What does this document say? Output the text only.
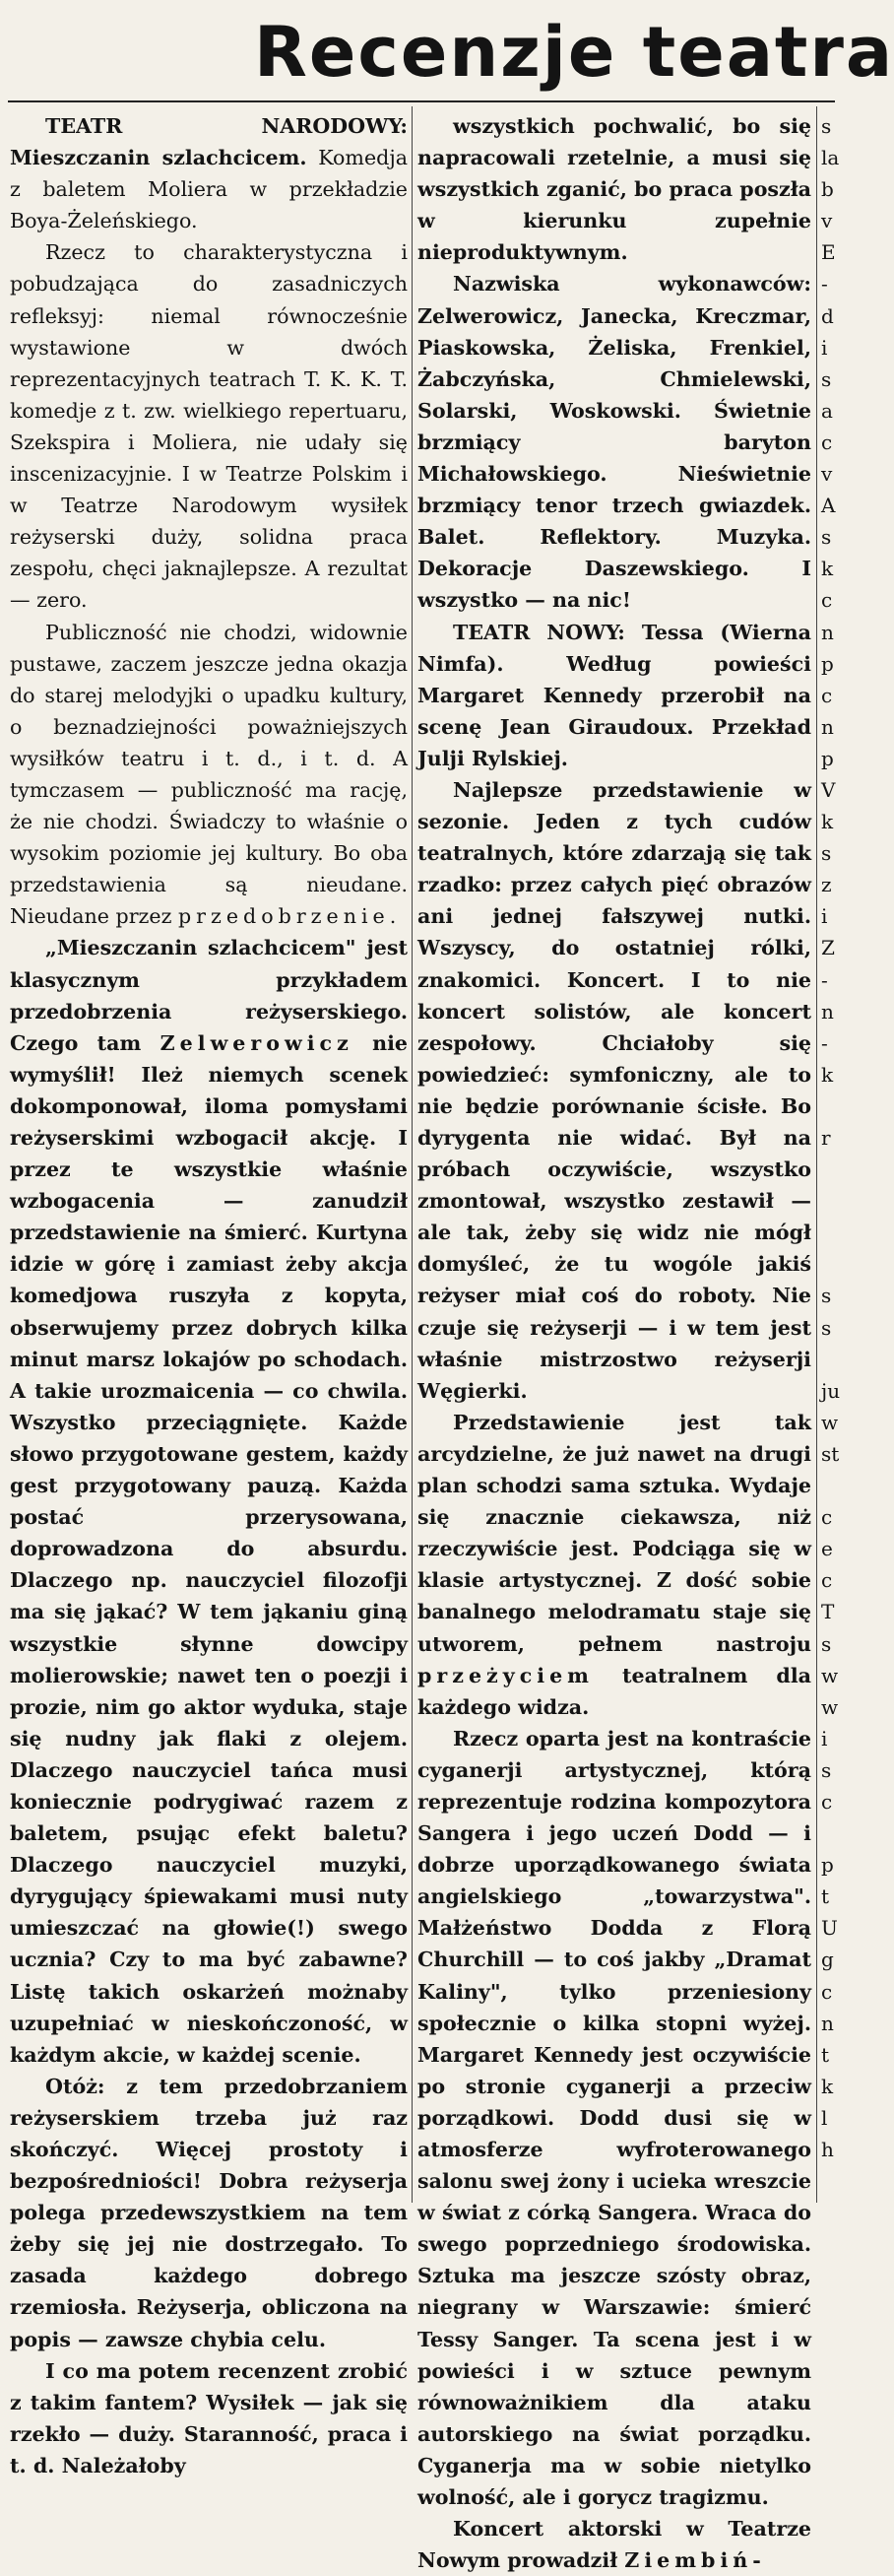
Recenzje teatra

TEATR NARODOWY: Mieszczanin szlachcicem. Komedja z baletem Moliera w przekładzie Boya-Żeleńskiego.

Rzecz to charakterystyczna i pobudzająca do zasadniczych refleksyj: niemal równocześnie wystawione w dwóch reprezentacyjnych teatrach T. K. K. T. komedje z t. zw. wielkiego repertuaru, Szekspira i Moliera, nie udały się inscenizacyjnie. I w Teatrze Polskim i w Teatrze Narodowym wysiłek reżyserski duży, solidna praca zespołu, chęci jaknajlepsze. A rezultat — zero.

Publiczność nie chodzi, widownie pustawe, zaczem jeszcze jedna okazja do starej melodyjki o upadku kultury, o beznadziejności poważniejszych wysiłków teatru i t. d., i t. d. A tymczasem — publiczność ma rację, że nie chodzi. Świadczy to właśnie o wysokim poziomie jej kultury. Bo oba przedstawienia są nieudane. Nieudane przez przedobrzenie.

„Mieszczanin szlachcicem" jest klasycznym przykładem przedobrzenia reżyserskiego. Czego tam Zelwerowicz nie wymyślił! Ileż niemych scenek dokomponował, iloma pomysłami reżyserskimi wzbogacił akcję. I przez te wszystkie właśnie wzbogacenia — zanudził przedstawienie na śmierć. Kurtyna idzie w górę i zamiast żeby akcja komedjowa ruszyła z kopyta, obserwujemy przez dobrych kilka minut marsz lokajów po schodach. A takie urozmaicenia — co chwila. Wszystko przeciągnięte. Każde słowo przygotowane gestem, każdy gest przygotowany pauzą. Każda postać przerysowana, doprowadzona do absurdu. Dlaczego np. nauczyciel filozofji ma się jąkać? W tem jąkaniu giną wszystkie słynne dowcipy molierowskie; nawet ten o poezji i prozie, nim go aktor wyduka, staje się nudny jak flaki z olejem. Dlaczego nauczyciel tańca musi koniecznie podrygiwać razem z baletem, psując efekt baletu? Dlaczego nauczyciel muzyki, dyrygujący śpiewakami musi nuty umieszczać na głowie(!) swego ucznia? Czy to ma być zabawne? Listę takich oskarżeń możnaby uzupełniać w nieskończoność, w każdym akcie, w każdej scenie.

Otóż: z tem przedobrzaniem reżyserskiem trzeba już raz skończyć. Więcej prostoty i bezpośredniości! Dobra reżyserja polega przedewszystkiem na tem żeby się jej nie dostrzegało. To zasada każdego dobrego rzemiosła. Reżyserja, obliczona na popis — zawsze chybia celu.

I co ma potem recenzent zrobić z takim fantem? Wysiłek — jak się rzekło — duży. Staranność, praca i t. d. Należałoby

wszystkich pochwalić, bo się napracowali rzetelnie, a musi się wszystkich zganić, bo praca poszła w kierunku zupełnie nieproduktywnym.

Nazwiska wykonawców: Zelwerowicz, Janecka, Kreczmar, Piaskowska, Żeliska, Frenkiel, Żabczyńska, Chmielewski, Solarski, Woskowski. Świetnie brzmiący baryton Michałowskiego. Nieświetnie brzmiący tenor trzech gwiazdek. Balet. Reflektory. Muzyka. Dekoracje Daszewskiego. I wszystko — na nic!

TEATR NOWY: Tessa (Wierna Nimfa). Według powieści Margaret Kennedy przerobił na scenę Jean Giraudoux. Przekład Julji Rylskiej.

Najlepsze przedstawienie w sezonie. Jeden z tych cudów teatralnych, które zdarzają się tak rzadko: przez całych pięć obrazów ani jednej fałszywej nutki. Wszyscy, do ostatniej rólki, znakomici. Koncert. I to nie koncert solistów, ale koncert zespołowy. Chciałoby się powiedzieć: symfoniczny, ale to nie będzie porównanie ścisłe. Bo dyrygenta nie widać. Był na próbach oczywiście, wszystko zmontował, wszystko zestawił — ale tak, żeby się widz nie mógł domyśleć, że tu wogóle jakiś reżyser miał coś do roboty. Nie czuje się reżyserji — i w tem jest właśnie mistrzostwo reżyserji Węgierki.

Przedstawienie jest tak arcydzielne, że już nawet na drugi plan schodzi sama sztuka. Wydaje się znacznie ciekawsza, niż rzeczywiście jest. Podciąga się w klasie artystycznej. Z dość sobie banalnego melodramatu staje się utworem, pełnem nastroju przeżyciem teatralnem dla każdego widza.

Rzecz oparta jest na kontraście cyganerji artystycznej, którą reprezentuje rodzina kompozytora Sangera i jego uczeń Dodd — i dobrze uporządkowanego świata angielskiego „towarzystwa". Małżeństwo Dodda z Florą Churchill — to coś jakby „Dramat Kaliny", tylko przeniesiony społecznie o kilka stopni wyżej. Margaret Kennedy jest oczywiście po stronie cyganerji a przeciw porządkowi. Dodd dusi się w atmosferze wyfroterowanego salonu swej żony i ucieka wreszcie w świat z córką Sangera. Wraca do swego poprzedniego środowiska. Sztuka ma jeszcze szósty obraz, niegrany w Warszawie: śmierć Tessy Sanger. Ta scena jest i w powieści i w sztuce pewnym równoważnikiem dla ataku autorskiego na świat porządku. Cyganerja ma w sobie nietylko wolność, ale i gorycz tragizmu.

Koncert aktorski w Teatrze Nowym prowadził Ziembiń-

s
la
b
v
E
-
d
i
s
a
c
v
A
s
k
c
n
p
c
n
p
V
k
s
z
i
Z
-
n
-
k

r

s
s

ju
w
st

c
e
c
T
s
w
w
i
s
c

p
t
U
g
c
n
t
k
l
h
